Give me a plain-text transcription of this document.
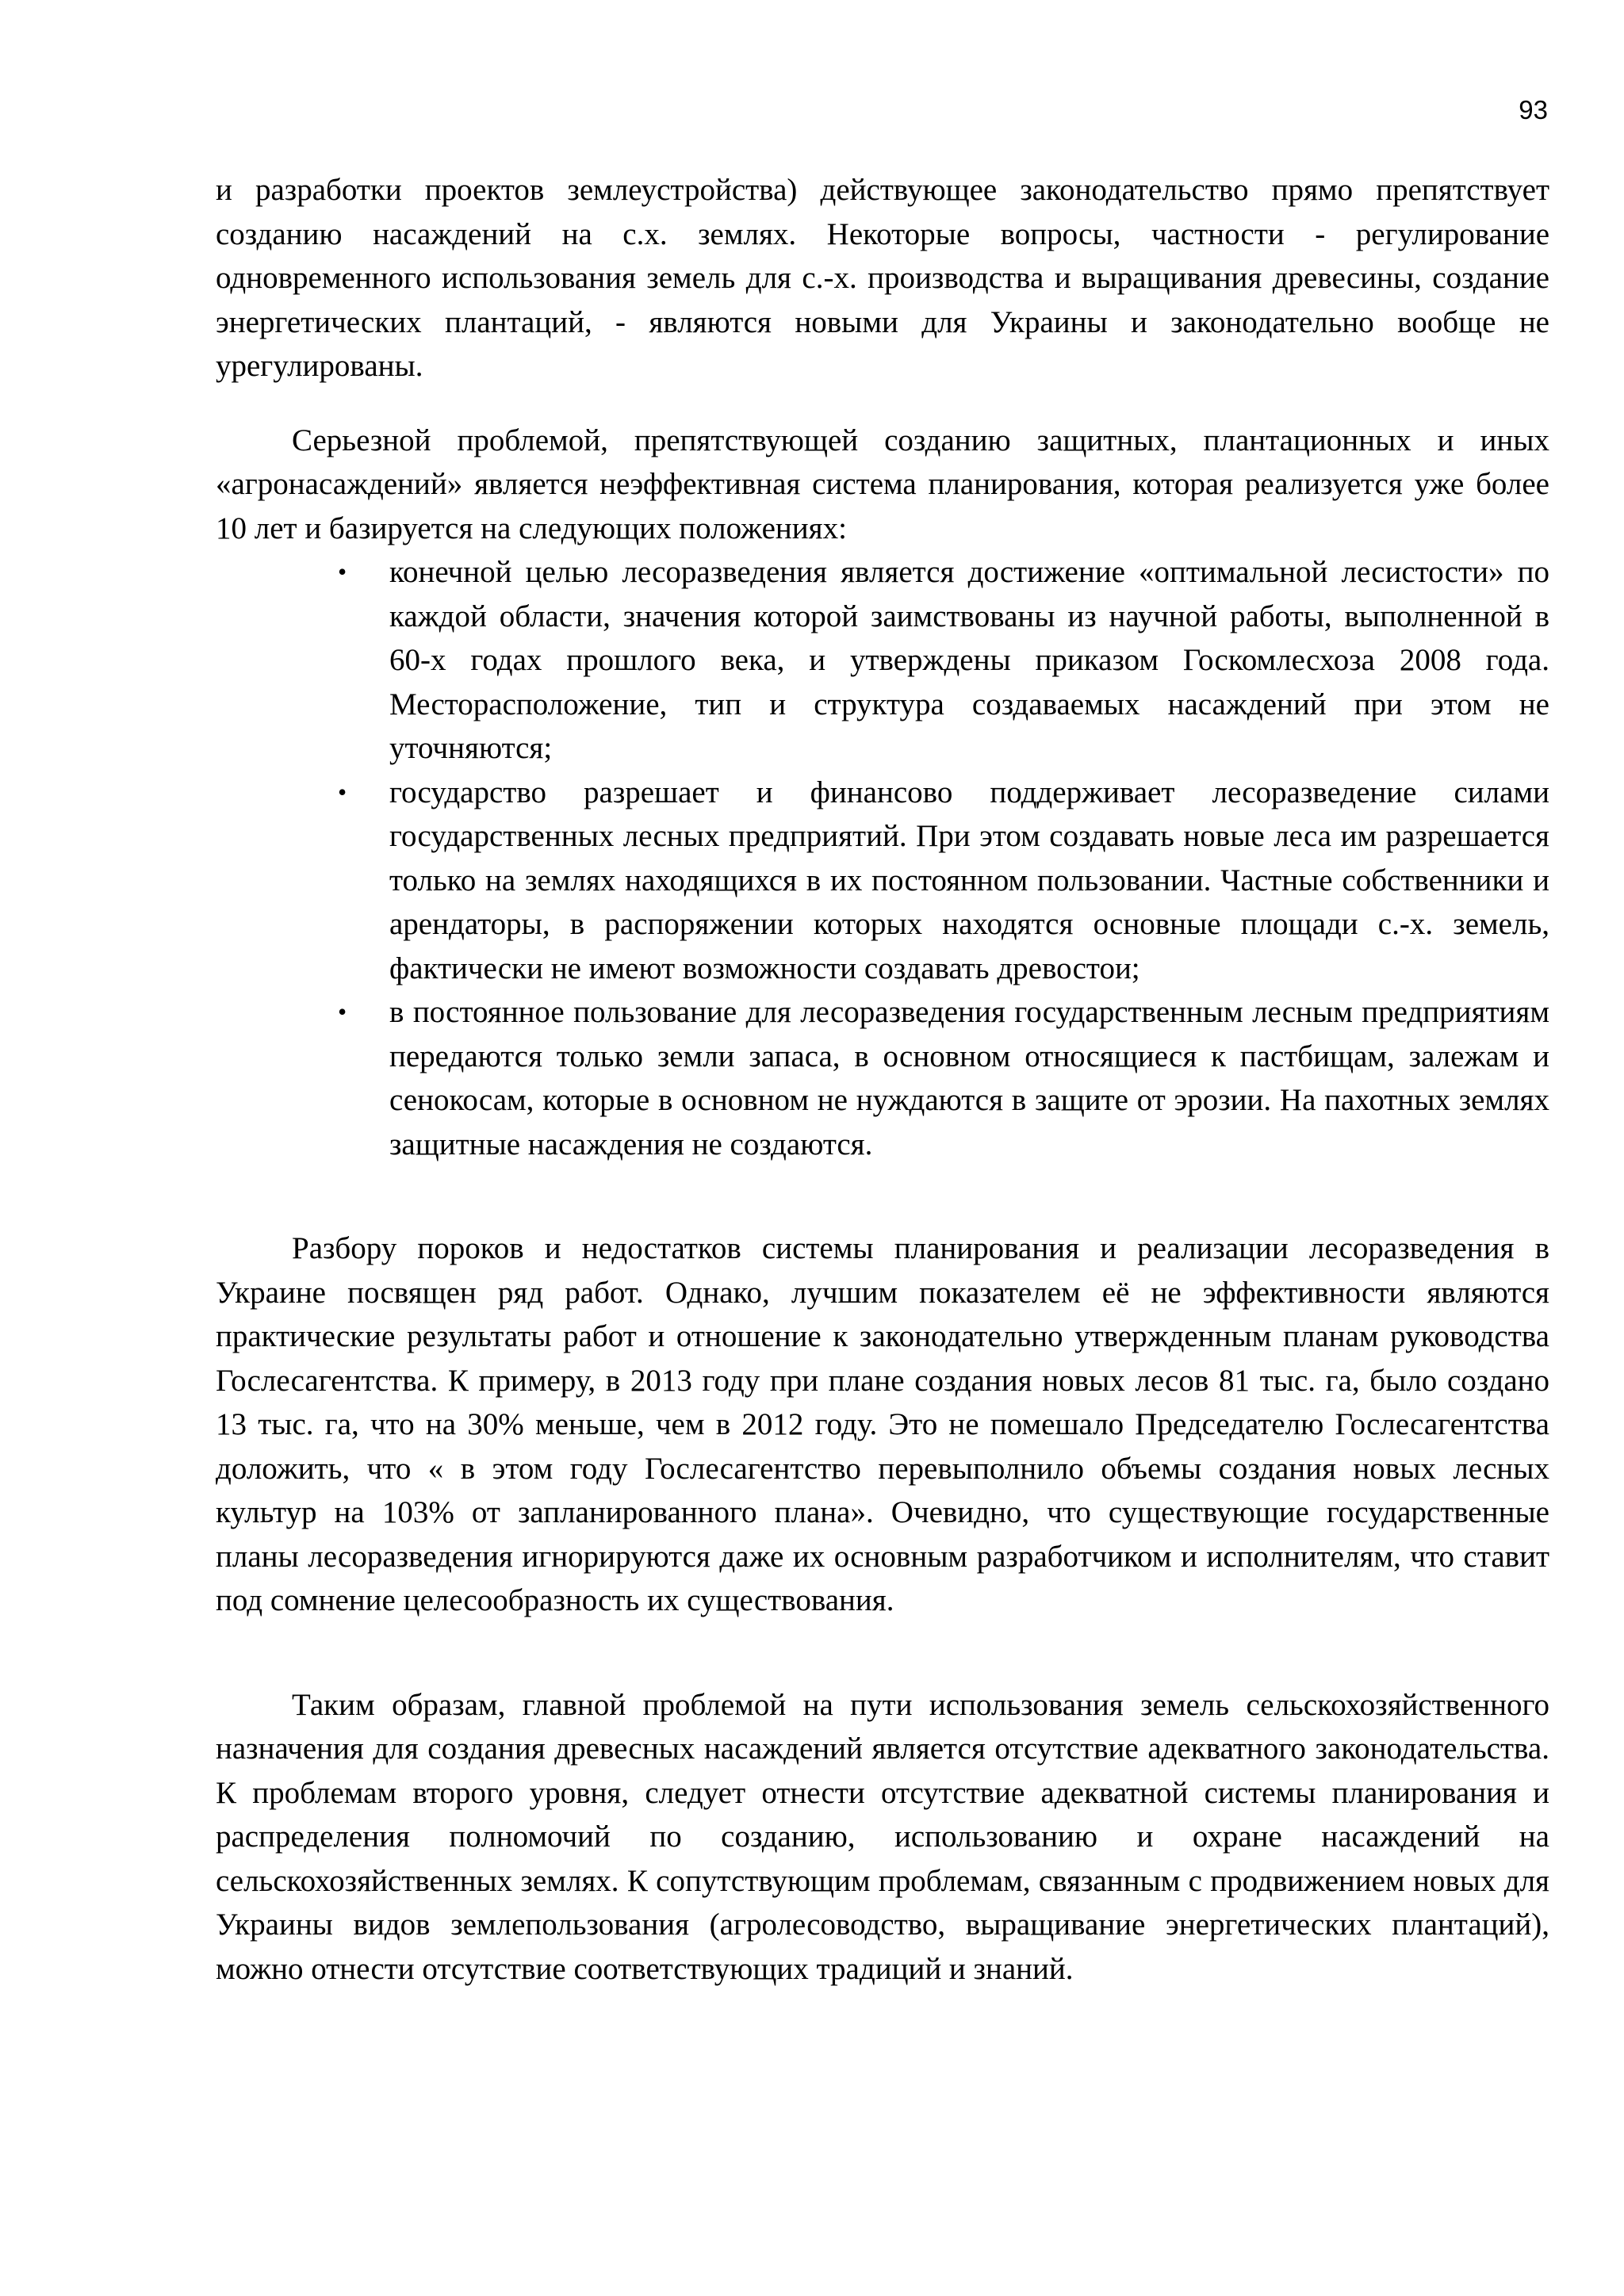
93

и разработки проектов землеустройства) действующее законодательство прямо препятствует созданию насаждений на с.х. землях. Некоторые вопросы, частности - регулирование одновременного использования земель для с.-х. производства и выращивания древесины, создание энергетических плантаций, - являются новыми для Украины и законодательно вообще не урегулированы.

Серьезной проблемой, препятствующей созданию защитных, плантационных и иных «агронасаждений» является неэффективная система планирования, которая реализуется уже более 10 лет и базируется на следующих положениях:

• конечной целью лесоразведения является достижение «оптимальной лесистости» по каждой области, значения которой заимствованы из научной работы, выполненной в 60-х годах прошлого века, и утверждены приказом Госкомлесхоза 2008 года. Месторасположение, тип и структура создаваемых насаждений при этом не уточняются;
• государство разрешает и финансово поддерживает лесоразведение силами государственных лесных предприятий. При этом создавать новые леса им разрешается только на землях находящихся в их постоянном пользовании. Частные собственники и арендаторы, в распоряжении которых находятся основные площади с.-х. земель, фактически не имеют возможности создавать древостои;
• в постоянное пользование для лесоразведения государственным лесным предприятиям передаются только земли запаса, в основном относящиеся к пастбищам, залежам и сенокосам, которые в основном не нуждаются в защите от эрозии. На пахотных землях защитные насаждения не создаются.

Разбору пороков и недостатков системы планирования и реализации лесоразведения в Украине посвящен ряд работ. Однако, лучшим показателем её не эффективности являются практические результаты работ и отношение к законодательно утвержденным планам руководства Гослесагентства. К примеру, в 2013 году при плане создания новых лесов 81 тыс. га, было создано 13 тыс. га, что на 30% меньше, чем в 2012 году. Это не помешало Председателю Гослесагентства доложить, что « в этом году Гослесагентство перевыполнило объемы создания новых лесных культур на 103% от запланированного плана». Очевидно, что существующие государственные планы лесоразведения игнорируются даже их основным разработчиком и исполнителям, что ставит под сомнение целесообразность их существования.

Таким образам, главной проблемой на пути использования земель сельскохозяйственного назначения для создания древесных насаждений является отсутствие адекватного законодательства. К проблемам второго уровня, следует отнести отсутствие адекватной системы планирования и распределения полномочий по созданию, использованию и охране насаждений на сельскохозяйственных землях. К сопутствующим проблемам, связанным с продвижением новых для Украины видов землепользования (агролесоводство, выращивание энергетических плантаций), можно отнести отсутствие соответствующих традиций и знаний.
